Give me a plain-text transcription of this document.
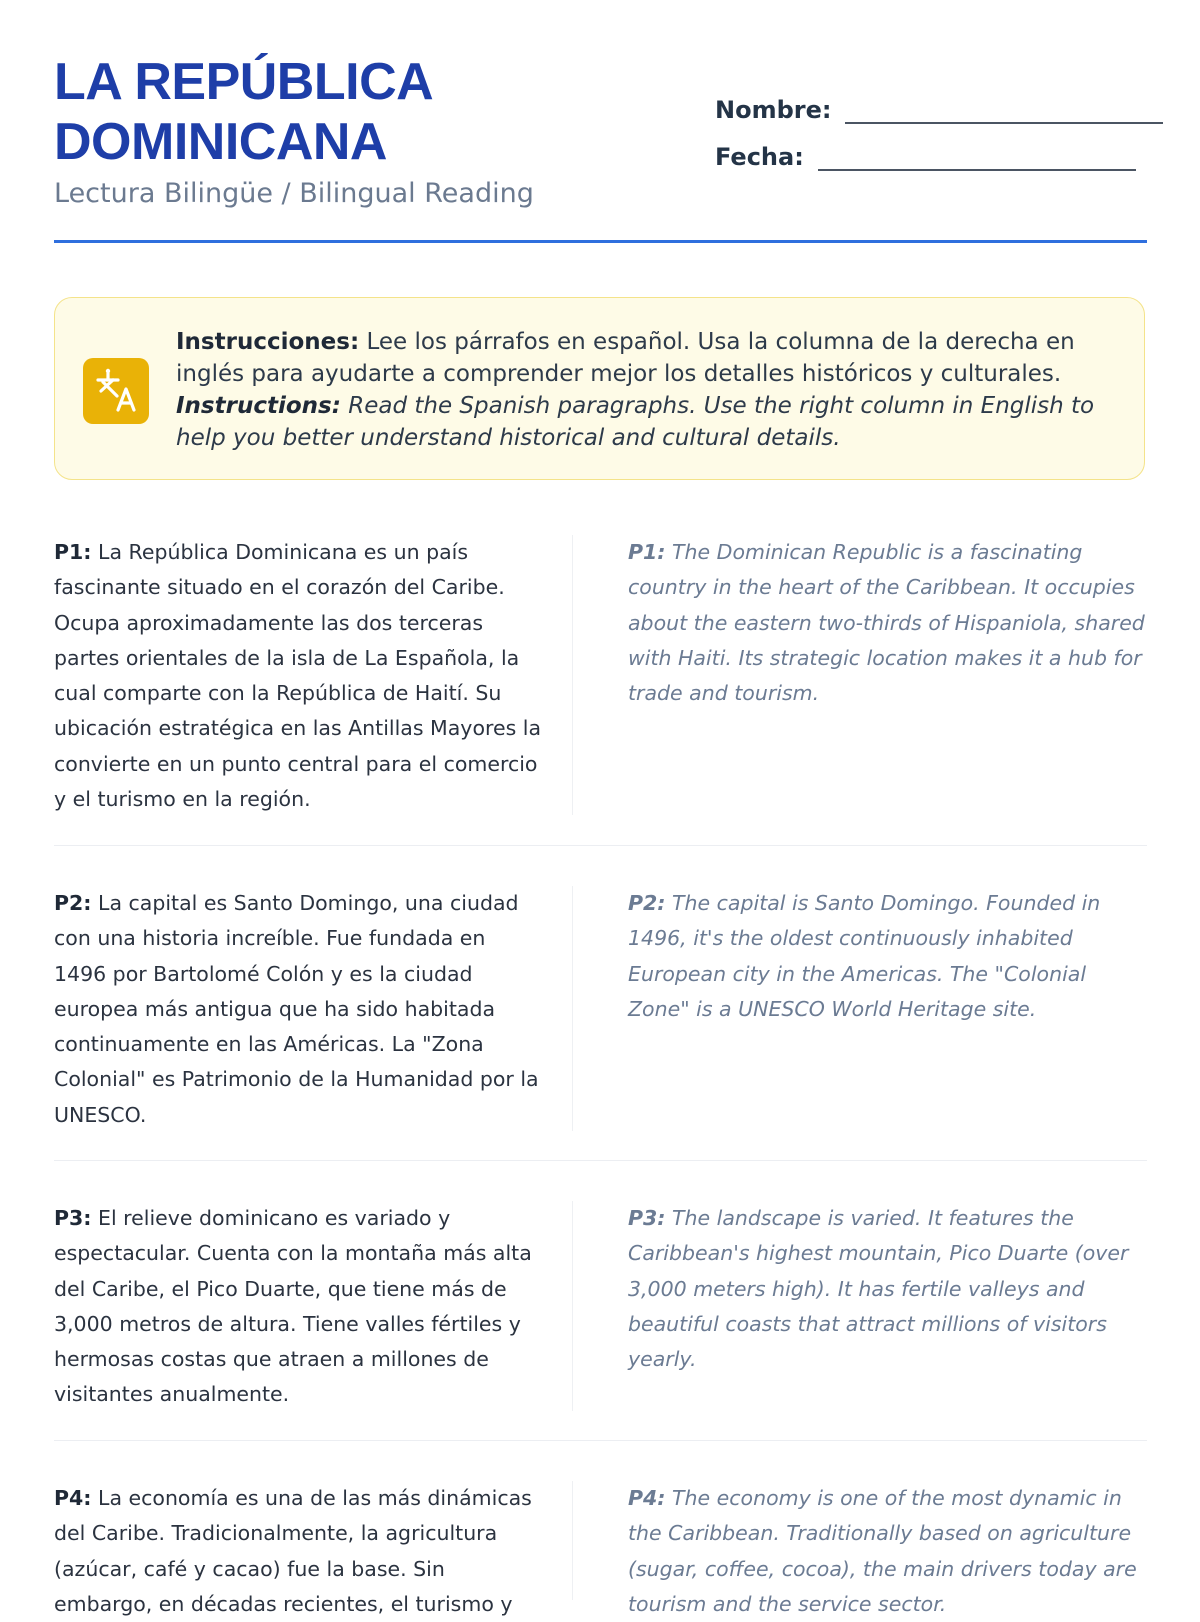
LA REPÚBLICA
DOMINICANA

Lectura Bilingüe / Bilingual Reading

Nombre:
Fecha:
Instrucciones: Lee los párrafos en español. Usa la columna de la derecha en inglés para ayudarte a comprender mejor los detalles históricos y culturales.
Instructions: Read the Spanish paragraphs. Use the right column in English to help you better understand historical and cultural details.
P1: La República Dominicana es un país fascinante situado en el corazón del Caribe. Ocupa aproximadamente las dos terceras partes orientales de la isla de La Española, la cual comparte con la República de Haití. Su ubicación estratégica en las Antillas Mayores la convierte en un punto central para el comercio y el turismo en la región.
P1: The Dominican Republic is a fascinating country in the heart of the Caribbean. It occupies about the eastern two-thirds of Hispaniola, shared with Haiti. Its strategic location makes it a hub for trade and tourism.
P2: La capital es Santo Domingo, una ciudad con una historia increíble. Fue fundada en 1496 por Bartolomé Colón y es la ciudad europea más antigua que ha sido habitada continuamente en las Américas. La "Zona Colonial" es Patrimonio de la Humanidad por la UNESCO.
P2: The capital is Santo Domingo. Founded in 1496, it's the oldest continuously inhabited European city in the Americas. The "Colonial Zone" is a UNESCO World Heritage site.
P3: El relieve dominicano es variado y espectacular. Cuenta con la montaña más alta del Caribe, el Pico Duarte, que tiene más de 3,000 metros de altura. Tiene valles fértiles y hermosas costas que atraen a millones de visitantes anualmente.
P3: The landscape is varied. It features the Caribbean's highest mountain, Pico Duarte (over 3,000 meters high). It has fertile valleys and beautiful coasts that attract millions of visitors yearly.
P4: La economía es una de las más dinámicas del Caribe. Tradicionalmente, la agricultura (azúcar, café y cacao) fue la base. Sin embargo, en décadas recientes, el turismo y
P4: The economy is one of the most dynamic in the Caribbean. Traditionally based on agriculture (sugar, coffee, cocoa), the main drivers today are tourism and the service sector.
